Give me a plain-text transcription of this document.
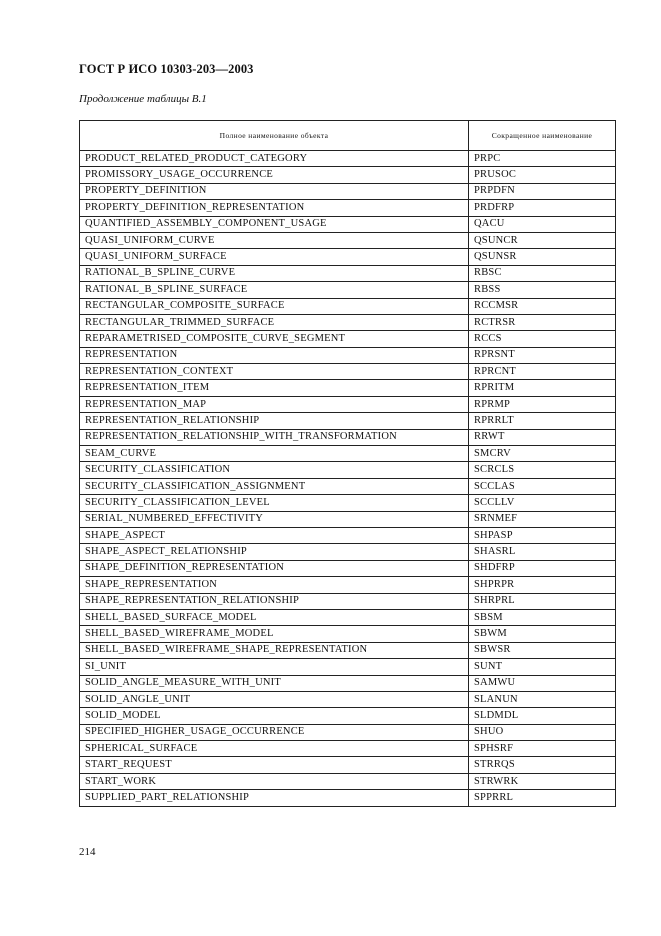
ГОСТ Р ИСО 10303-203—2003
Продолжение таблицы В.1
Полное наименование объекта	Сокращенное наименование
PRODUCT_RELATED_PRODUCT_CATEGORY	PRPC
PROMISSORY_USAGE_OCCURRENCE	PRUSOC
PROPERTY_DEFINITION	PRPDFN
PROPERTY_DEFINITION_REPRESENTATION	PRDFRP
QUANTIFIED_ASSEMBLY_COMPONENT_USAGE	QACU
QUASI_UNIFORM_CURVE	QSUNCR
QUASI_UNIFORM_SURFACE	QSUNSR
RATIONAL_B_SPLINE_CURVE	RBSC
RATIONAL_B_SPLINE_SURFACE	RBSS
RECTANGULAR_COMPOSITE_SURFACE	RCCMSR
RECTANGULAR_TRIMMED_SURFACE	RCTRSR
REPARAMETRISED_COMPOSITE_CURVE_SEGMENT	RCCS
REPRESENTATION	RPRSNT
REPRESENTATION_CONTEXT	RPRCNT
REPRESENTATION_ITEM	RPRITM
REPRESENTATION_MAP	RPRMP
REPRESENTATION_RELATIONSHIP	RPRRLT
REPRESENTATION_RELATIONSHIP_WITH_TRANSFORMATION	RRWT
SEAM_CURVE	SMCRV
SECURITY_CLASSIFICATION	SCRCLS
SECURITY_CLASSIFICATION_ASSIGNMENT	SCCLAS
SECURITY_CLASSIFICATION_LEVEL	SCCLLV
SERIAL_NUMBERED_EFFECTIVITY	SRNMEF
SHAPE_ASPECT	SHPASP
SHAPE_ASPECT_RELATIONSHIP	SHASRL
SHAPE_DEFINITION_REPRESENTATION	SHDFRP
SHAPE_REPRESENTATION	SHPRPR
SHAPE_REPRESENTATION_RELATIONSHIP	SHRPRL
SHELL_BASED_SURFACE_MODEL	SBSM
SHELL_BASED_WIREFRAME_MODEL	SBWM
SHELL_BASED_WIREFRAME_SHAPE_REPRESENTATION	SBWSR
SI_UNIT	SUNT
SOLID_ANGLE_MEASURE_WITH_UNIT	SAMWU
SOLID_ANGLE_UNIT	SLANUN
SOLID_MODEL	SLDMDL
SPECIFIED_HIGHER_USAGE_OCCURRENCE	SHUO
SPHERICAL_SURFACE	SPHSRF
START_REQUEST	STRRQS
START_WORK	STRWRK
SUPPLIED_PART_RELATIONSHIP	SPPRRL
214
